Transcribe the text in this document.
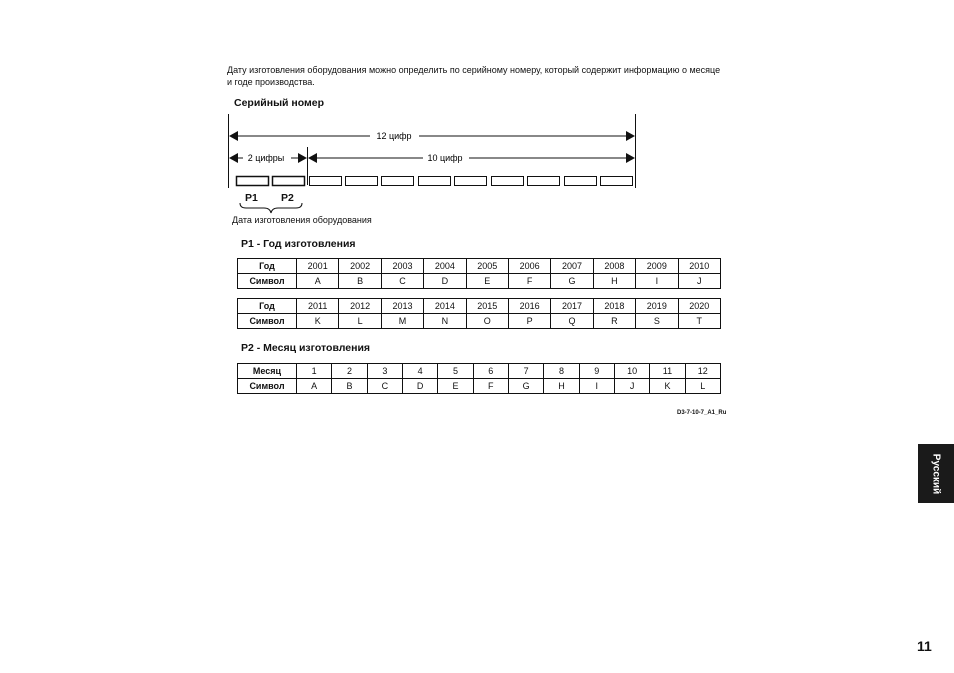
Дату изготовления оборудования можно определить по серийному номеру, который содержит информацию о месяце и годе производства.
Серийный номер
12 цифр
2 цифры	10 цифр
P1 P2
Дата изготовления оборудования
P1 - Год изготовления
Год	2001	2002	2003	2004	2005	2006	2007	2008	2009	2010
Символ	A	B	C	D	E	F	G	H	I	J
Год	2011	2012	2013	2014	2015	2016	2017	2018	2019	2020
Символ	K	L	M	N	O	P	Q	R	S	T
P2 - Месяц изготовления
Месяц	1	2	3	4	5	6	7	8	9	10	11	12
Символ	A	B	C	D	E	F	G	H	I	J	K	L
D3-7-10-7_A1_Ru
Русский
11
